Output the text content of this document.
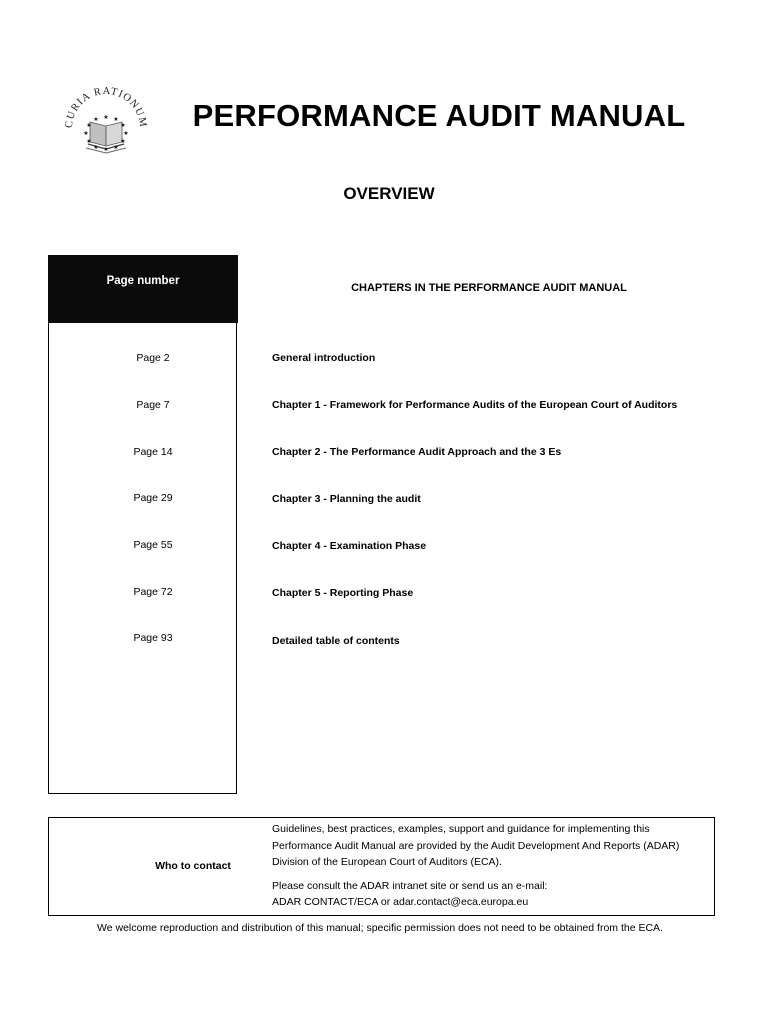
CURIA RATIONUM
★
★ ★
★	★
★	★
★	★
★ ★
★
PERFORMANCE AUDIT MANUAL
OVERVIEW
Page number
CHAPTERS IN THE PERFORMANCE AUDIT MANUAL
Page 2	General introduction
Page 7	Chapter 1 - Framework for Performance Audits of the European Court of Auditors
Page 14	Chapter 2 - The Performance Audit Approach and the 3 Es
Page 29	Chapter 3 - Planning the audit
Page 55	Chapter 4 - Examination Phase
Page 72	Chapter 5 - Reporting Phase
Page 93	Detailed table of contents
Who to contact

Guidelines, best practices, examples, support and guidance for implementing this Performance Audit Manual are provided by the Audit Development And Reports (ADAR) Division of the European Court of Auditors (ECA).

Please consult the ADAR intranet site or send us an e-mail:
ADAR CONTACT/ECA or adar.contact@eca.europa.eu

We welcome reproduction and distribution of this manual; specific permission does not need to be obtained from the ECA.
